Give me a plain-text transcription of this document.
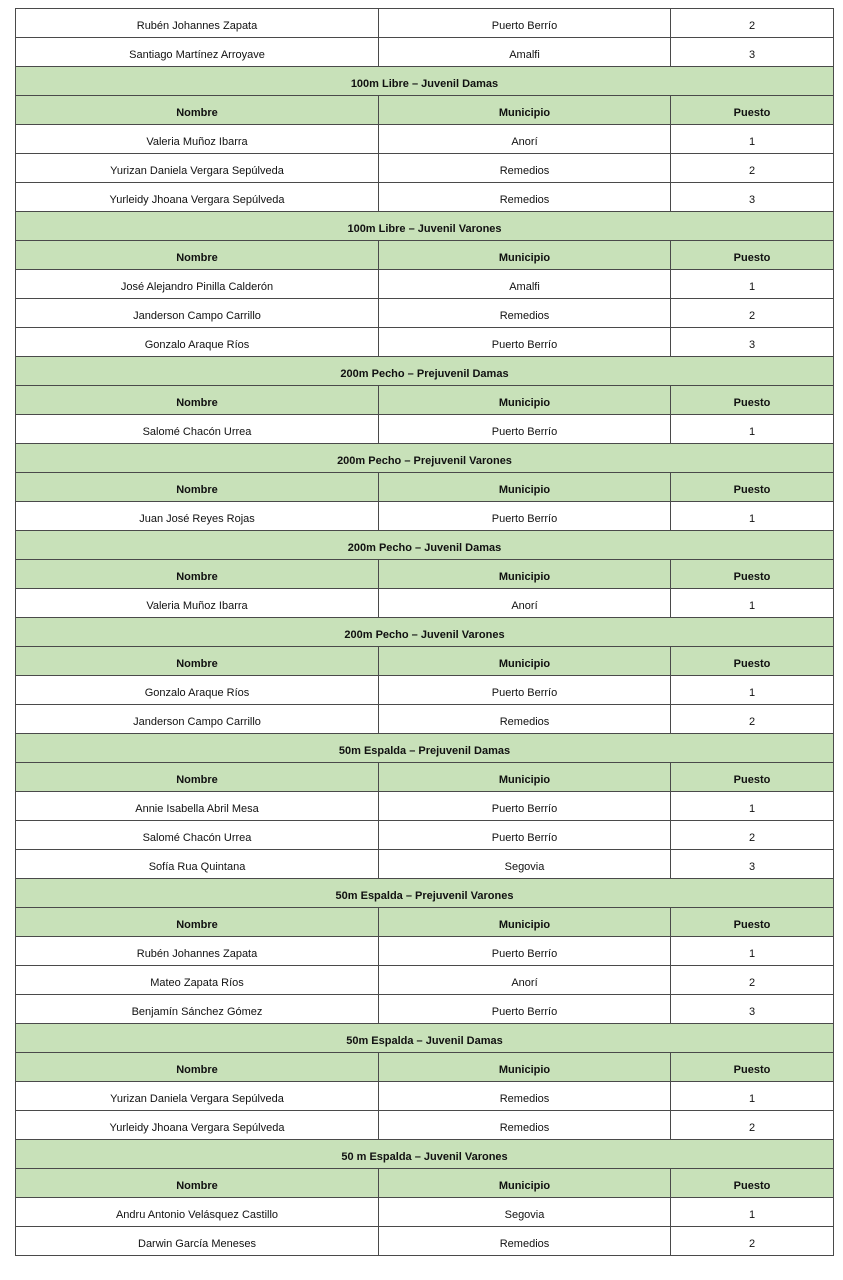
Rubén Johannes Zapata	Puerto Berrío	2
Santiago Martínez Arroyave	Amalfi	3
100m Libre – Juvenil Damas		
Nombre	Municipio	Puesto
Valeria Muñoz Ibarra	Anorí	1
Yurizan Daniela Vergara Sepúlveda	Remedios	2
Yurleidy Jhoana Vergara Sepúlveda	Remedios	3
100m Libre – Juvenil Varones		
Nombre	Municipio	Puesto
José Alejandro Pinilla Calderón	Amalfi	1
Janderson Campo Carrillo	Remedios	2
Gonzalo Araque Ríos	Puerto Berrío	3
200m Pecho – Prejuvenil Damas		
Nombre	Municipio	Puesto
Salomé Chacón Urrea	Puerto Berrío	1
200m Pecho – Prejuvenil Varones		
Nombre	Municipio	Puesto
Juan José Reyes Rojas	Puerto Berrío	1
200m Pecho – Juvenil Damas		
Nombre	Municipio	Puesto
Valeria Muñoz Ibarra	Anorí	1
200m Pecho – Juvenil Varones		
Nombre	Municipio	Puesto
Gonzalo Araque Ríos	Puerto Berrío	1
Janderson Campo Carrillo	Remedios	2
50m Espalda – Prejuvenil Damas		
Nombre	Municipio	Puesto
Annie Isabella Abril Mesa	Puerto Berrío	1
Salomé Chacón Urrea	Puerto Berrío	2
Sofía Rua Quintana	Segovia	3
50m Espalda – Prejuvenil Varones		
Nombre	Municipio	Puesto
Rubén Johannes Zapata	Puerto Berrío	1
Mateo Zapata Ríos	Anorí	2
Benjamín Sánchez Gómez	Puerto Berrío	3
50m Espalda – Juvenil Damas		
Nombre	Municipio	Puesto
Yurizan Daniela Vergara Sepúlveda	Remedios	1
Yurleidy Jhoana Vergara Sepúlveda	Remedios	2
50 m Espalda – Juvenil Varones		
Nombre	Municipio	Puesto
Andru Antonio Velásquez Castillo	Segovia	1
Darwin García Meneses	Remedios	2
